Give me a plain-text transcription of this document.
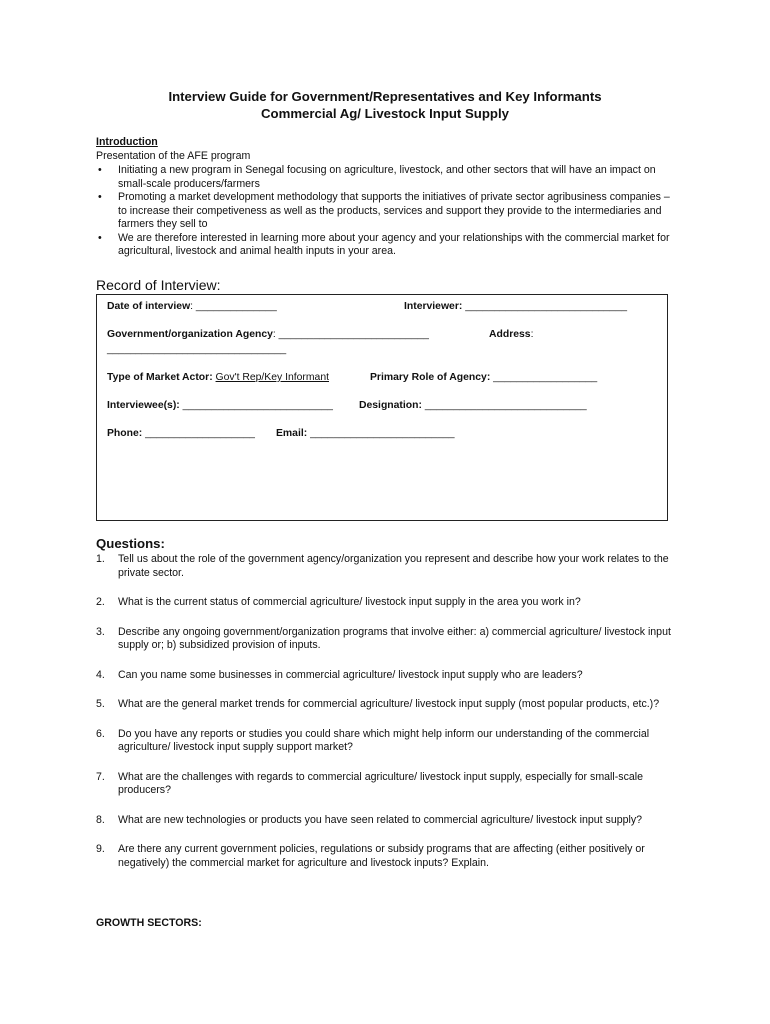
Interview Guide for Government/Representatives and Key Informants
Commercial Ag/ Livestock Input Supply
Introduction
Presentation of the AFE program
• Initiating a new program in Senegal focusing on agriculture, livestock, and other sectors that will have an impact on small-scale producers/farmers
• Promoting a market development methodology that supports the initiatives of private sector agribusiness companies – to increase their competiveness as well as the products, services and support they provide to the intermediaries and farmers they sell to
• We are therefore interested in learning more about your agency and your relationships with the commercial market for agricultural, livestock and animal health inputs in your area.
Record of Interview:
Date of interview: ______________	Interviewer: ____________________________
Government/organization Agency: __________________________	Address:
_______________________________
Type of Market Actor: Gov't Rep/Key Informant	Primary Role of Agency: __________________
Interviewee(s): __________________________	Designation: ____________________________
Phone: ___________________ Email: _________________________
Questions:
1. Tell us about the role of the government agency/organization you represent and describe how your work relates to the private sector.
2. What is the current status of commercial agriculture/ livestock input supply in the area you work in?
3. Describe any ongoing government/organization programs that involve either: a) commercial agriculture/ livestock input supply or; b) subsidized provision of inputs.
4. Can you name some businesses in commercial agriculture/ livestock input supply who are leaders?
5. What are the general market trends for commercial agriculture/ livestock input supply (most popular products, etc.)?
6. Do you have any reports or studies you could share which might help inform our understanding of the commercial agriculture/ livestock input supply support market?
7. What are the challenges with regards to commercial agriculture/ livestock input supply, especially for small-scale producers?
8. What are new technologies or products you have seen related to commercial agriculture/ livestock input supply?
9. Are there any current government policies, regulations or subsidy programs that are affecting (either positively or negatively) the commercial market for agriculture and livestock inputs? Explain.
GROWTH SECTORS:
